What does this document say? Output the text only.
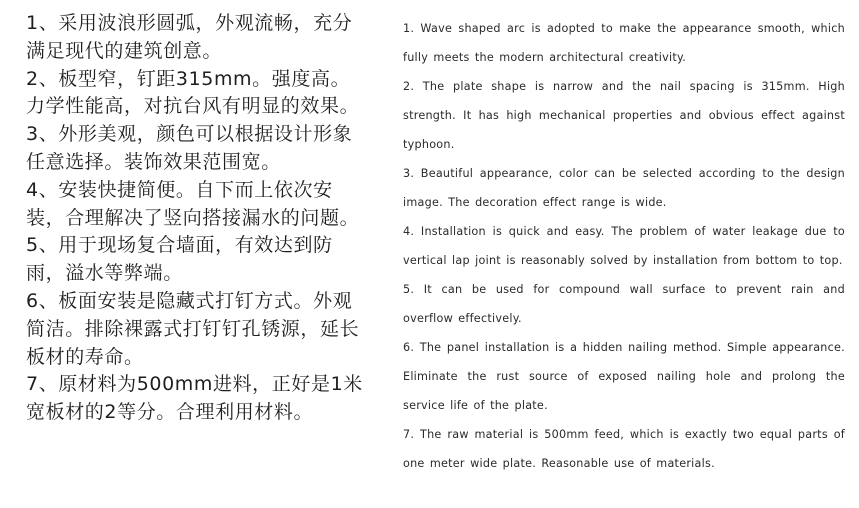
1、采用波浪形圆弧，外观流畅，充分满足现代的建筑创意。

2、板型窄，钉距315mm。强度高。力学性能高，对抗台风有明显的效果。

3、外形美观，颜色可以根据设计形象任意选择。装饰效果范围宽。

4、安装快捷简便。自下而上依次安装，合理解决了竖向搭接漏水的问题。

5、用于现场复合墙面，有效达到防雨，溢水等弊端。

6、板面安装是隐藏式打钉方式。外观简洁。排除裸露式打钉钉孔锈源，延长板材的寿命。

7、原材料为500mm进料，正好是1米宽板材的2等分。合理利用材料。

1. Wave shaped arc is adopted to make the appearance smooth, which fully meets the modern architectural creativity.

2. The plate shape is narrow and the nail spacing is 315mm. High strength. It has high mechanical properties and obvious effect against typhoon.

3. Beautiful appearance, color can be selected according to the design image. The decoration effect range is wide.

4. Installation is quick and easy. The problem of water leakage due to vertical lap joint is reasonably solved by installation from bottom to top.

5. It can be used for compound wall surface to prevent rain and overflow effectively.

6. The panel installation is a hidden nailing method. Simple appearance. Eliminate the rust source of exposed nailing hole and prolong the service life of the plate.

7. The raw material is 500mm feed, which is exactly two equal parts of one meter wide plate. Reasonable use of materials.
